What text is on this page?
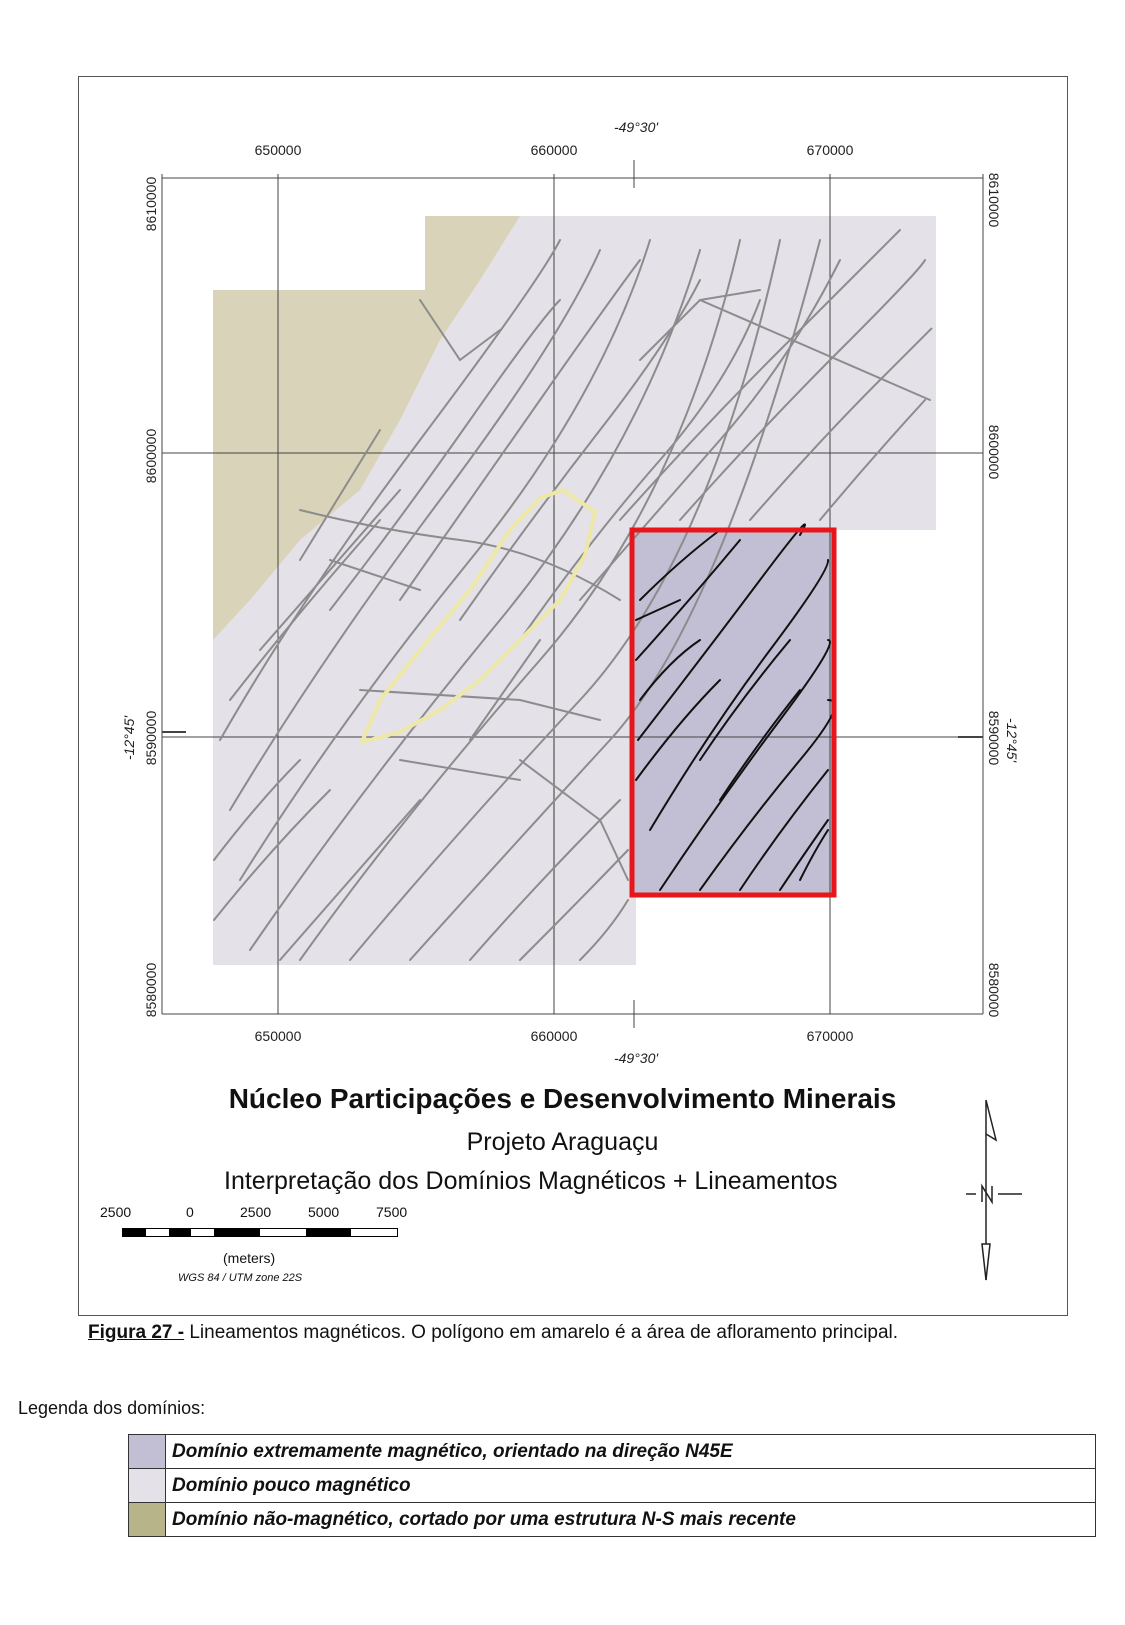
650000	660000	670000
650000	660000	670000
-49°30'
-49°30'
8610000
8600000
8590000
8580000
-12°45'
8610000
8600000
8590000
8580000
-12°45'
Núcleo Participações e Desenvolvimento Minerais
Projeto Araguaçu
Interpretação dos Domínios Magnéticos + Lineamentos
2500	0	2500	5000	7500
(meters)
WGS 84 / UTM zone 22S
Figura 27 - Lineamentos magnéticos. O polígono em amarelo é a área de afloramento principal.
Legenda dos domínios:
	Domínio extremamente magnético, orientado na direção N45E
	Domínio pouco magnético
	Domínio não-magnético, cortado por uma estrutura N-S mais recente
